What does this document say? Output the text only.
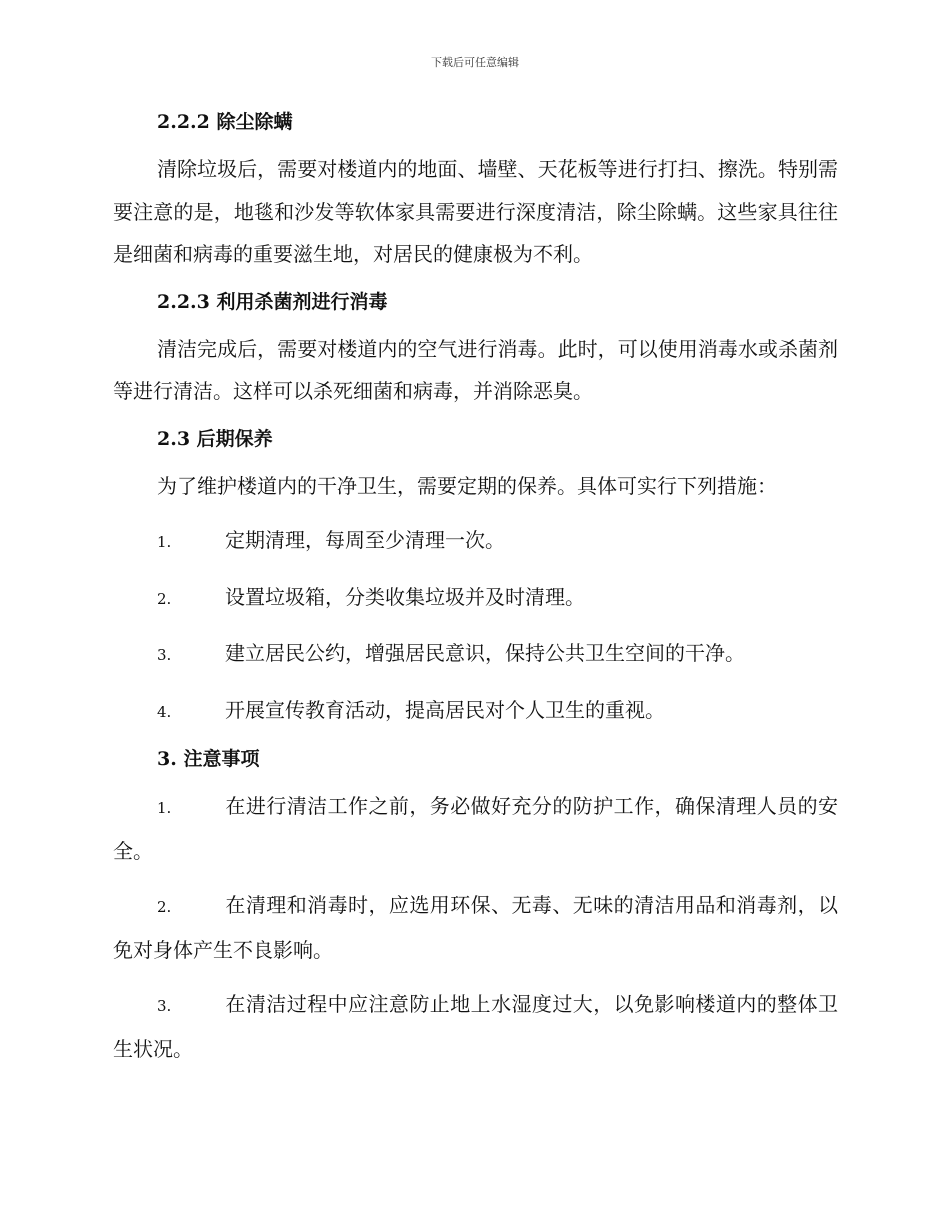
下载后可任意编辑
2.2.2 除尘除螨

清除垃圾后，需要对楼道内的地面、墙壁、天花板等进行打扫、擦洗。特别需要注意的是，地毯和沙发等软体家具需要进行深度清洁，除尘除螨。这些家具往往是细菌和病毒的重要滋生地，对居民的健康极为不利。

2.2.3 利用杀菌剂进行消毒

清洁完成后，需要对楼道内的空气进行消毒。此时，可以使用消毒水或杀菌剂等进行清洁。这样可以杀死细菌和病毒，并消除恶臭。

2.3 后期保养

为了维护楼道内的干净卫生，需要定期的保养。具体可实行下列措施：

1.	定期清理，每周至少清理一次。

2.	设置垃圾箱，分类收集垃圾并及时清理。

3.	建立居民公约，增强居民意识，保持公共卫生空间的干净。

4.	开展宣传教育活动，提高居民对个人卫生的重视。

3. 注意事项

1.	在进行清洁工作之前，务必做好充分的防护工作，确保清理人员的安全。

2.	在清理和消毒时，应选用环保、无毒、无味的清洁用品和消毒剂，以免对身体产生不良影响。

3.	在清洁过程中应注意防止地上水湿度过大，以免影响楼道内的整体卫生状况。
